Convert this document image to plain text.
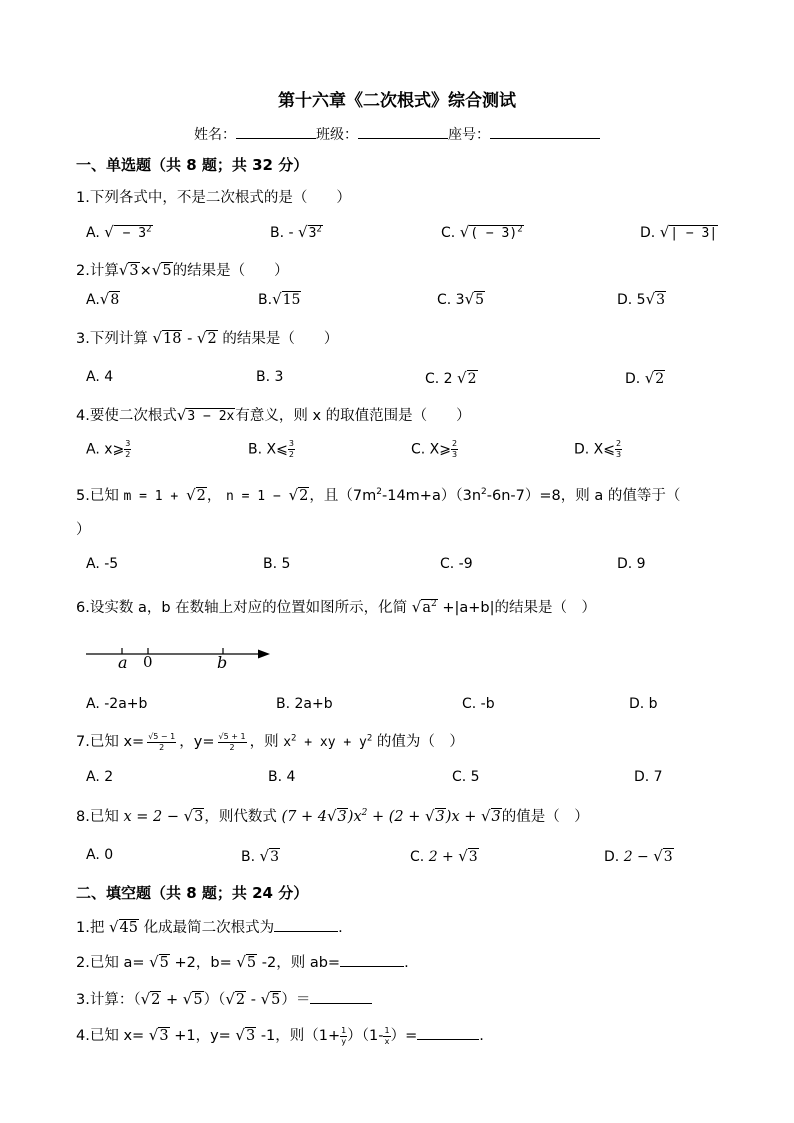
第十六章《二次根式》综合测试
姓名：	班级：	座号：
一、单选题（共 8 题；共 32 分）
1.下列各式中，不是二次根式的是（　　）
A. √ − $3^2$	B. - $√3^2$	C. √( − 3)$^2$	D. √| − 3|
2.计算√3×√5的结果是（　　）
A.√8	B.√15	C. 3√5	D. 5√3
3.下列计算 √18 - √2 的结果是（　　）
A. 4	B. 3	C. 2 √2	D. √2
4.要使二次根式√3 − 2x有意义，则 x 的取值范围是（　　）
A. x⩾ $\frac{3}{2}$	B. X⩽ $\frac{3}{2}$	C. X⩾ $\frac{2}{3}$	D. X⩽ $\frac{2}{3}$
5.已知 m = 1 + √2， n = 1 − √2，且$(7m^2-14m+a)(3n^2-6n-7)=8$，则 a 的值等于（
）
A. -5	B. 5	C. -9	D. 9
6.设实数 a，b 在数轴上对应的位置如图所示，化简 $√a^2 +|a+b|$的结果是（　）
a 0	b
A. -2a+b	B. 2a+b	C. -b	D. b
7.已知 $x= \frac{√5 - 1}{2}$ ，$y= \frac{√5 + 1}{2}$ ，则 $x^2$ + xy + $y^2$ 的值为（　）
A. 2	B. 4	C. 5	D. 7
8.已知 x = 2 − √3，则代数式 $(7 + 4√3)x^2 + (2 + √3)x + √3$的值是（　）
A. 0	B. √3	C. 2 + √3	D. 2 − √3
二、填空题（共 8 题；共 24 分）
1.把 √45 化成最简二次根式为	.
2.已知 a= √5 +2，b= √5 -2，则 ab=	.
3.计算：（√2 + √5）（√2 - √5）＝
4.已知 x= √3 +1，y= √3 -1，则$(1+ \frac{1}{y} )(1- \frac{1}{x}$ ）=	.
